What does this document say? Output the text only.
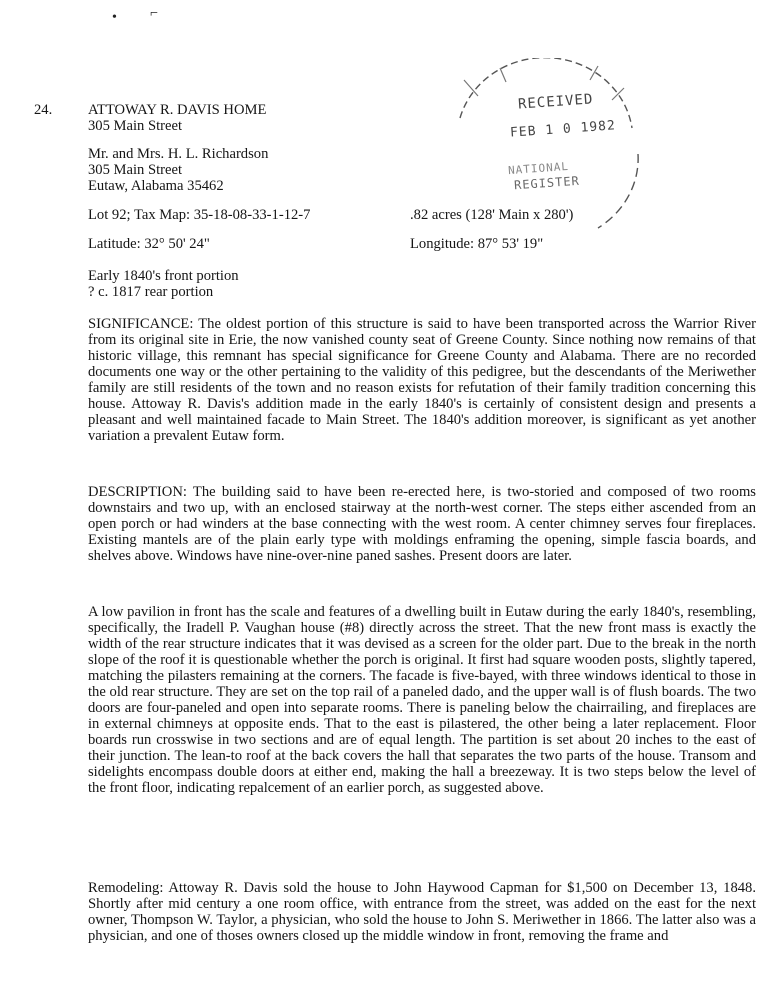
• ⌐
24. ATTOWAY R. DAVIS HOME
305 Main Street
Mr. and Mrs. H. L. Richardson
305 Main Street
Eutaw, Alabama 35462
Lot 92; Tax Map: 35-18-08-33-1-12-7	.82 acres (128' Main x 280')
Latitude: 32° 50' 24"	Longitude: 87° 53' 19"
Early 1840's front portion
? c. 1817 rear portion
RECEIVED
FEB 1 0 1982
NATIONAL
REGISTER
SIGNIFICANCE: The oldest portion of this structure is said to have been transported across the Warrior River from its original site in Erie, the now vanished county seat of Greene County. Since nothing now remains of that historic village, this remnant has special significance for Greene County and Alabama. There are no recorded documents one way or the other pertaining to the validity of this pedigree, but the descendants of the Meriwether family are still residents of the town and no reason exists for refutation of their family tradition concerning this house. Attoway R. Davis's addition made in the early 1840's is certainly of consistent design and presents a pleasant and well maintained facade to Main Street. The 1840's addition moreover, is significant as yet another variation a prevalent Eutaw form.
DESCRIPTION: The building said to have been re-erected here, is two-storied and composed of two rooms downstairs and two up, with an enclosed stairway at the north-west corner. The steps either ascended from an open porch or had winders at the base connecting with the west room. A center chimney serves four fireplaces. Existing mantels are of the plain early type with moldings enframing the opening, simple fascia boards, and shelves above. Windows have nine-over-nine paned sashes. Present doors are later.
A low pavilion in front has the scale and features of a dwelling built in Eutaw during the early 1840's, resembling, specifically, the Iradell P. Vaughan house (#8) directly across the street. That the new front mass is exactly the width of the rear structure indicates that it was devised as a screen for the older part. Due to the break in the north slope of the roof it is questionable whether the porch is original. It first had square wooden posts, slightly tapered, matching the pilasters remaining at the corners. The facade is five-bayed, with three windows identical to those in the old rear structure. They are set on the top rail of a paneled dado, and the upper wall is of flush boards. The two doors are four-paneled and open into separate rooms. There is paneling below the chairrailing, and fireplaces are in external chimneys at opposite ends. That to the east is pilastered, the other being a later replacement. Floor boards run crosswise in two sections and are of equal length. The partition is set about 20 inches to the east of their junction. The lean-to roof at the back covers the hall that separates the two parts of the house. Transom and sidelights encompass double doors at either end, making the hall a breezeway. It is two steps below the level of the front floor, indicating repalcement of an earlier porch, as suggested above.
Remodeling: Attoway R. Davis sold the house to John Haywood Capman for $1,500 on December 13, 1848. Shortly after mid century a one room office, with entrance from the street, was added on the east for the next owner, Thompson W. Taylor, a physician, who sold the house to John S. Meriwether in 1866. The latter also was a physician, and one of thoses owners closed up the middle window in front, removing the frame and
